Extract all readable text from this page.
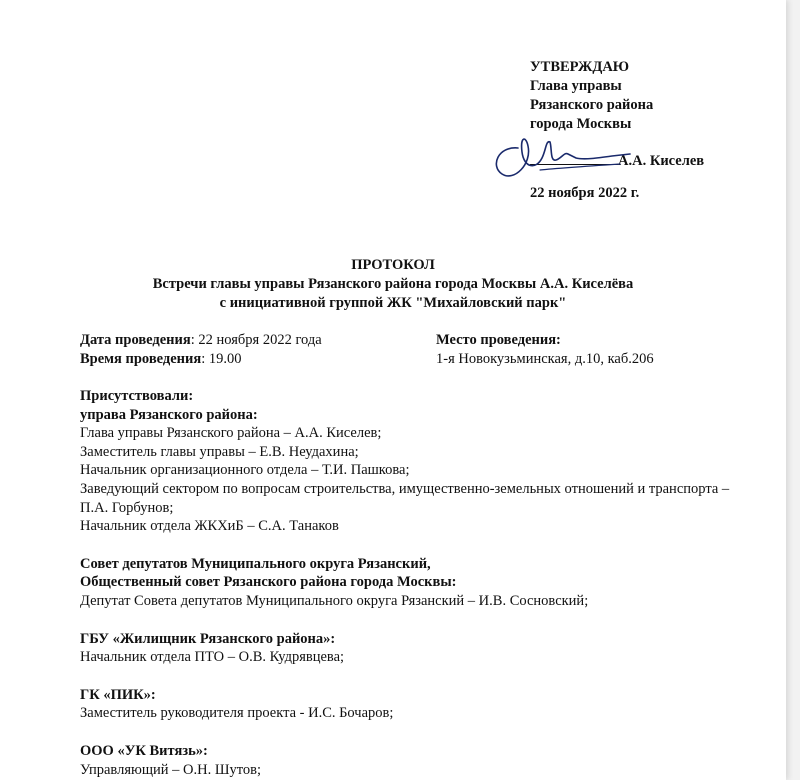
УТВЕРЖДАЮ
Глава управы
Рязанского района
города Москвы
А.А. Киселев
22 ноября 2022 г.
ПРОТОКОЛ
Встречи главы управы Рязанского района города Москвы А.А. Киселёва
с инициативной группой ЖК "Михайловский парк"
Дата проведения: 22 ноября 2022 года
Время проведения: 19.00
Место проведения:
1-я Новокузьминская, д.10, каб.206
Присутствовали:
управа Рязанского района:
Глава управы Рязанского района – А.А. Киселев;
Заместитель главы управы – Е.В. Неудахина;
Начальник организационного отдела – Т.И. Пашкова;
Заведующий сектором по вопросам строительства, имущественно-земельных отношений и транспорта – П.А. Горбунов;
Начальник отдела ЖКХиБ – С.А. Танаков
Совет депутатов Муниципального округа Рязанский,
Общественный совет Рязанского района города Москвы:
Депутат Совета депутатов Муниципального округа Рязанский – И.В. Сосновский;
ГБУ «Жилищник Рязанского района»:
Начальник отдела ПТО – О.В. Кудрявцева;
ГК «ПИК»:
Заместитель руководителя проекта - И.С. Бочаров;
ООО «УК Витязь»:
Управляющий – О.Н. Шутов;
